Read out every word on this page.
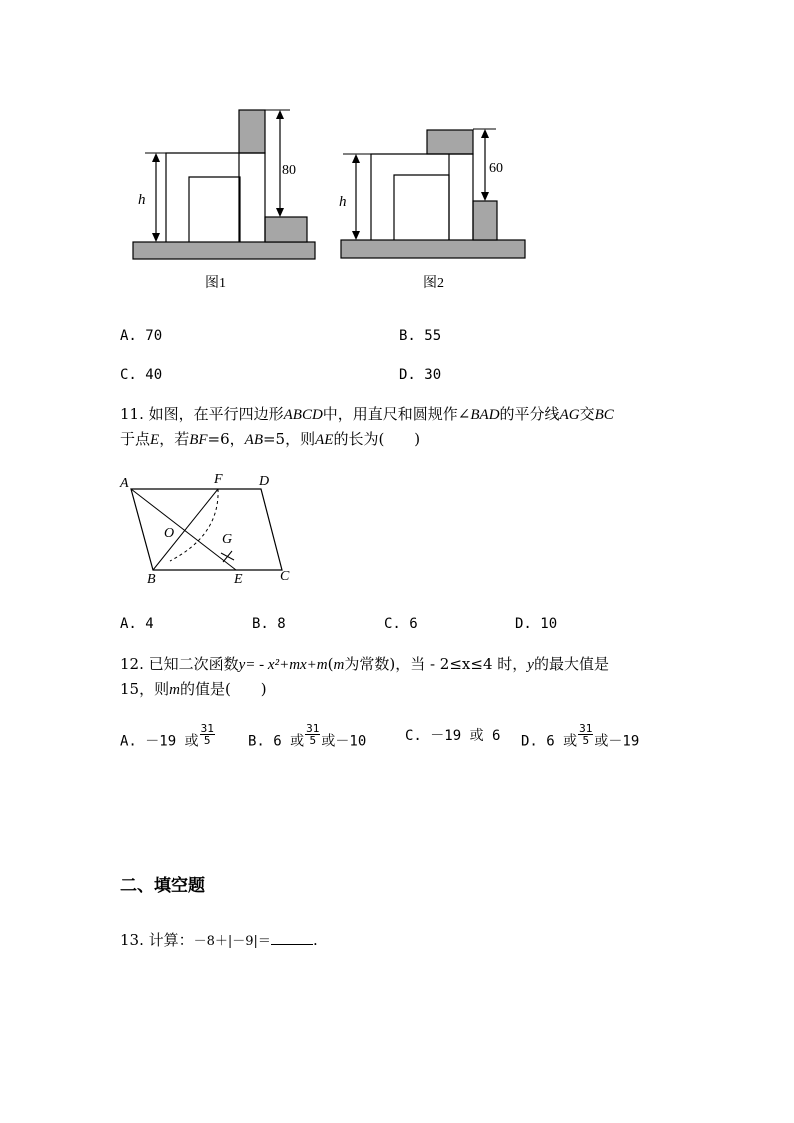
h
80
图1
h
60
图2
A. 70	B. 55
C. 40	D. 30
11. 如图，在平行四边形ABCD中，用直尺和圆规作∠BAD的平分线AG交BC
于点E，若BF=6，AB=5，则AE的长为(　　)
A	F	D
O	G
B	E	C
A. 4	B. 8	C. 6	D. 10
12. 已知二次函数y= - x²+mx+m(m为常数)，当 - 2≤x≤4 时，y的最大值是
15，则m的值是(　　)
A. －19 或 $\frac{31}{5} B$. 6 或 $\frac{31}{5}$ 或－10	C. －19 或 6 D. 6 或 $\frac{31}{5}$ 或－19
二、填空题
13. 计算：－8＋|－9|＝	.
